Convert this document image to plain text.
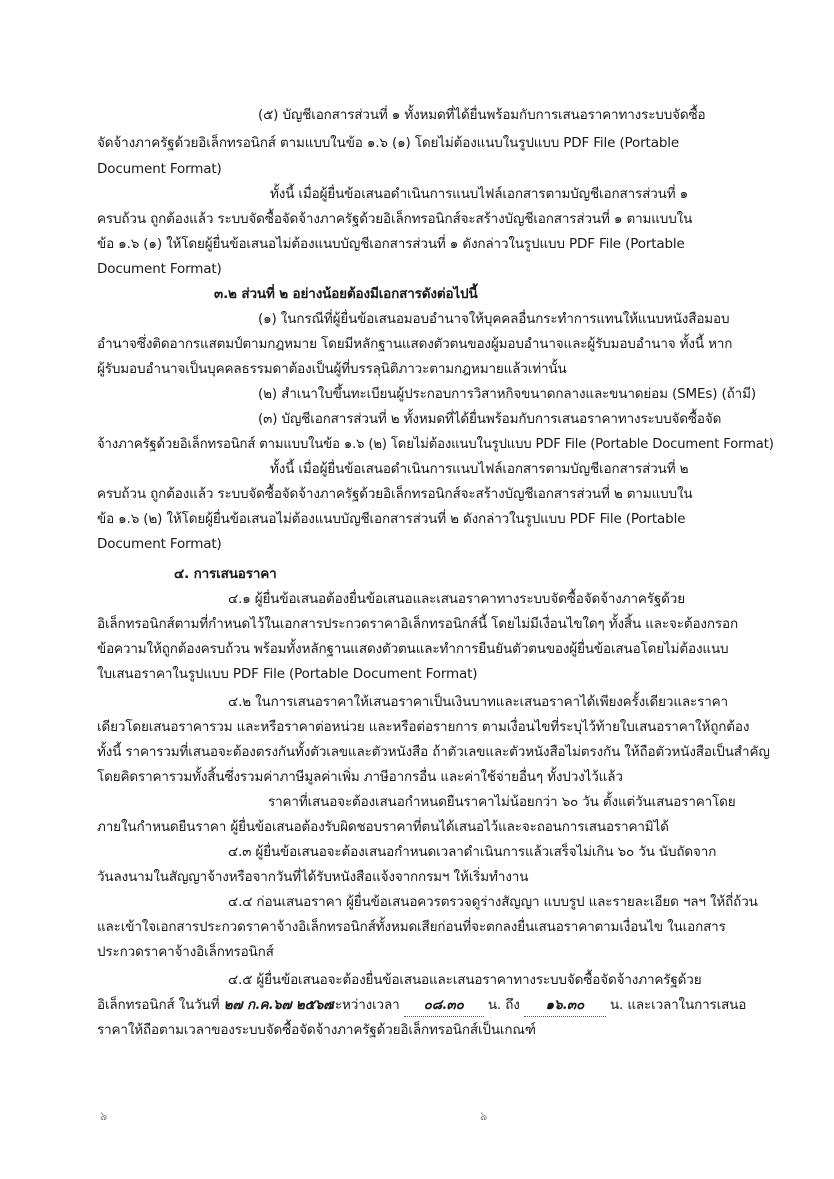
(๕) บัญชีเอกสารส่วนที่ ๑ ทั้งหมดที่ได้ยื่นพร้อมกับการเสนอราคาทางระบบจัดซื้อ
จัดจ้างภาครัฐด้วยอิเล็กทรอนิกส์ ตามแบบในข้อ ๑.๖ (๑) โดยไม่ต้องแนบในรูปแบบ PDF File (Portable
Document Format)
ทั้งนี้ เมื่อผู้ยื่นข้อเสนอดำเนินการแนบไฟล์เอกสารตามบัญชีเอกสารส่วนที่ ๑
ครบถ้วน ถูกต้องแล้ว ระบบจัดซื้อจัดจ้างภาครัฐด้วยอิเล็กทรอนิกส์จะสร้างบัญชีเอกสารส่วนที่ ๑ ตามแบบใน
ข้อ ๑.๖ (๑) ให้โดยผู้ยื่นข้อเสนอไม่ต้องแนบบัญชีเอกสารส่วนที่ ๑ ดังกล่าวในรูปแบบ PDF File (Portable
Document Format)
๓.๒ ส่วนที่ ๒ อย่างน้อยต้องมีเอกสารดังต่อไปนี้
(๑) ในกรณีที่ผู้ยื่นข้อเสนอมอบอำนาจให้บุคคลอื่นกระทำการแทนให้แนบหนังสือมอบ
อำนาจซึ่งติดอากรแสตมป์ตามกฎหมาย โดยมีหลักฐานแสดงตัวตนของผู้มอบอำนาจและผู้รับมอบอำนาจ ทั้งนี้ หาก
ผู้รับมอบอำนาจเป็นบุคคลธรรมดาต้องเป็นผู้ที่บรรลุนิติภาวะตามกฎหมายแล้วเท่านั้น
(๒) สำเนาใบขึ้นทะเบียนผู้ประกอบการวิสาหกิจขนาดกลางและขนาดย่อม (SMEs) (ถ้ามี)
(๓) บัญชีเอกสารส่วนที่ ๒ ทั้งหมดที่ได้ยื่นพร้อมกับการเสนอราคาทางระบบจัดซื้อจัด
จ้างภาครัฐด้วยอิเล็กทรอนิกส์ ตามแบบในข้อ ๑.๖ (๒) โดยไม่ต้องแนบในรูปแบบ PDF File (Portable Document Format)
ทั้งนี้ เมื่อผู้ยื่นข้อเสนอดำเนินการแนบไฟล์เอกสารตามบัญชีเอกสารส่วนที่ ๒
ครบถ้วน ถูกต้องแล้ว ระบบจัดซื้อจัดจ้างภาครัฐด้วยอิเล็กทรอนิกส์จะสร้างบัญชีเอกสารส่วนที่ ๒ ตามแบบใน
ข้อ ๑.๖ (๒) ให้โดยผู้ยื่นข้อเสนอไม่ต้องแนบบัญชีเอกสารส่วนที่ ๒ ดังกล่าวในรูปแบบ PDF File (Portable
Document Format)
๔. การเสนอราคา
๔.๑ ผู้ยื่นข้อเสนอต้องยื่นข้อเสนอและเสนอราคาทางระบบจัดซื้อจัดจ้างภาครัฐด้วย
อิเล็กทรอนิกส์ตามที่กำหนดไว้ในเอกสารประกวดราคาอิเล็กทรอนิกส์นี้ โดยไม่มีเงื่อนไขใดๆ ทั้งสิ้น และจะต้องกรอก
ข้อความให้ถูกต้องครบถ้วน พร้อมทั้งหลักฐานแสดงตัวตนและทำการยืนยันตัวตนของผู้ยื่นข้อเสนอโดยไม่ต้องแนบ
ใบเสนอราคาในรูปแบบ PDF File (Portable Document Format)
๔.๒ ในการเสนอราคาให้เสนอราคาเป็นเงินบาทและเสนอราคาได้เพียงครั้งเดียวและราคา
เดียวโดยเสนอราคารวม และหรือราคาต่อหน่วย และหรือต่อรายการ ตามเงื่อนไขที่ระบุไว้ท้ายใบเสนอราคาให้ถูกต้อง
ทั้งนี้ ราคารวมที่เสนอจะต้องตรงกันทั้งตัวเลขและตัวหนังสือ ถ้าตัวเลขและตัวหนังสือไม่ตรงกัน ให้ถือตัวหนังสือเป็นสำคัญ
โดยคิดราคารวมทั้งสิ้นซึ่งรวมค่าภาษีมูลค่าเพิ่ม ภาษีอากรอื่น และค่าใช้จ่ายอื่นๆ ทั้งปวงไว้แล้ว
ราคาที่เสนอจะต้องเสนอกำหนดยืนราคาไม่น้อยกว่า ๖๐ วัน ตั้งแต่วันเสนอราคาโดย
ภายในกำหนดยืนราคา ผู้ยื่นข้อเสนอต้องรับผิดชอบราคาที่ตนได้เสนอไว้และจะถอนการเสนอราคามิได้
๔.๓ ผู้ยื่นข้อเสนอจะต้องเสนอกำหนดเวลาดำเนินการแล้วเสร็จไม่เกิน ๖๐ วัน นับถัดจาก
วันลงนามในสัญญาจ้างหรือจากวันที่ได้รับหนังสือแจ้งจากกรมฯ ให้เริ่มทำงาน
๔.๔ ก่อนเสนอราคา ผู้ยื่นข้อเสนอควรตรวจดูร่างสัญญา แบบรูป และรายละเอียด ฯลฯ ให้ถี่ถ้วน
และเข้าใจเอกสารประกวดราคาจ้างอิเล็กทรอนิกส์ทั้งหมดเสียก่อนที่จะตกลงยื่นเสนอราคาตามเงื่อนไข ในเอกสาร
ประกวดราคาจ้างอิเล็กทรอนิกส์
๔.๕ ผู้ยื่นข้อเสนอจะต้องยื่นข้อเสนอและเสนอราคาทางระบบจัดซื้อจัดจ้างภาครัฐด้วย
อิเล็กทรอนิกส์ ในวันที่ ๒๗ ก.ค.๖๗ ๒๕๖๗ ระหว่างเวลา ๐๘.๓๐ น. ถึง ๑๖.๓๐ น. และเวลาในการเสนอ
ราคาให้ถือตามเวลาของระบบจัดซื้อจัดจ้างภาครัฐด้วยอิเล็กทรอนิกส์เป็นเกณฑ์
ঌ	ঌ
